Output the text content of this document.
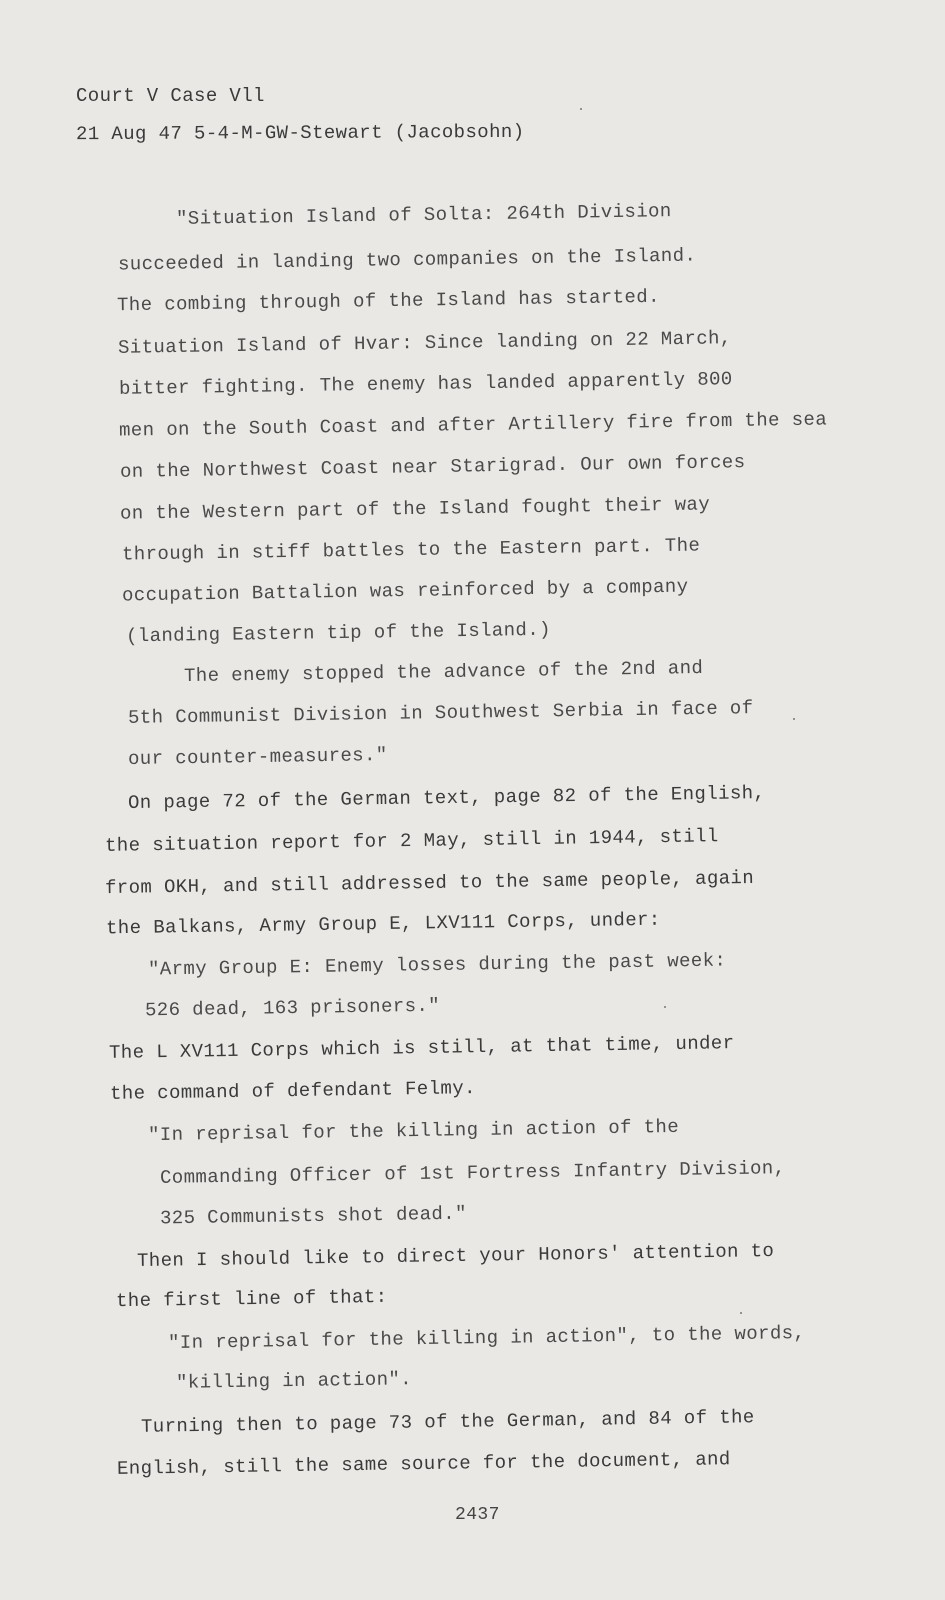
Court V Case Vll
21 Aug 47 5-4-M-GW-Stewart (Jacobsohn)
"Situation Island of Solta: 264th Division
succeeded in landing two companies on the Island.
The combing through of the Island has started.
Situation Island of Hvar: Since landing on 22 March,
bitter fighting. The enemy has landed apparently 800
men on the South Coast and after Artillery fire from the sea
on the Northwest Coast near Starigrad. Our own forces
on the Western part of the Island fought their way
through in stiff battles to the Eastern part. The
occupation Battalion was reinforced by a company
(landing Eastern tip of the Island.)
The enemy stopped the advance of the 2nd and
5th Communist Division in Southwest Serbia in face of
our counter-measures."
On page 72 of the German text, page 82 of the English,
the situation report for 2 May, still in 1944, still
from OKH, and still addressed to the same people, again
the Balkans, Army Group E, LXV111 Corps, under:
"Army Group E: Enemy losses during the past week:
526 dead, 163 prisoners."
The L XV111 Corps which is still, at that time, under
the command of defendant Felmy.
"In reprisal for the killing in action of the
Commanding Officer of 1st Fortress Infantry Division,
325 Communists shot dead."
Then I should like to direct your Honors' attention to
the first line of that:
"In reprisal for the killing in action", to the words,
"killing in action".
Turning then to page 73 of the German, and 84 of the
English, still the same source for the document, and
2437
